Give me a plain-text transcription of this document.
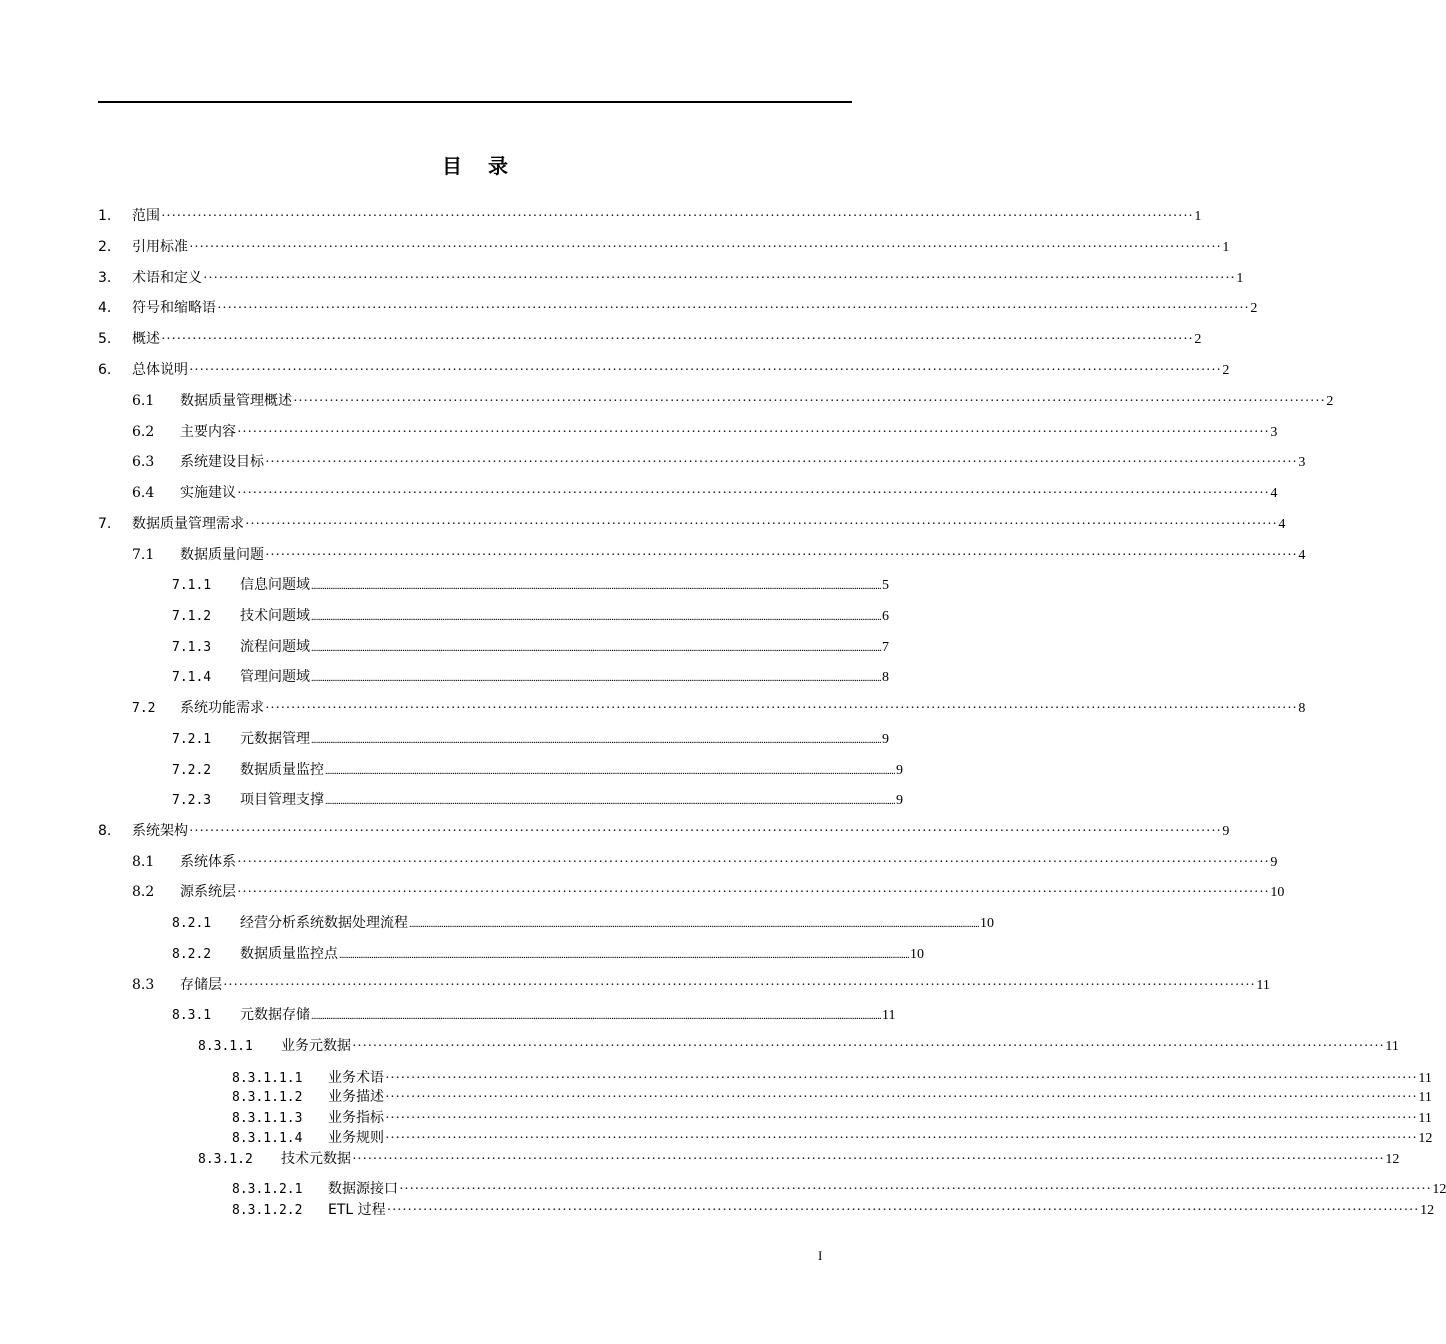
目 录
1.	范围 ········································································································································································································ 1
2.	引用标准 ········································································································································································································ 1
3.	术语和定义 ········································································································································································································ 1
4.	符号和缩略语 ········································································································································································································ 2
5.	概述 ········································································································································································································ 2
6.	总体说明 ········································································································································································································ 2
6.1	数据质量管理概述 ········································································································································································································ 2
6.2	主要内容 ········································································································································································································ 3
6.3	系统建设目标 ········································································································································································································ 3
6.4	实施建议 ········································································································································································································ 4
7.	数据质量管理需求 ········································································································································································································ 4
7.1	数据质量问题 ········································································································································································································ 4
7.1.1	信息问题域 ............................................................................................................................................................................................................................................................................................................ 5
7.1.2	技术问题域 ............................................................................................................................................................................................................................................................................................................ 6
7.1.3	流程问题域 ............................................................................................................................................................................................................................................................................................................ 7
7.1.4	管理问题域 ............................................................................................................................................................................................................................................................................................................ 8
7.2	系统功能需求 ········································································································································································································ 8
7.2.1	元数据管理 ............................................................................................................................................................................................................................................................................................................ 9
7.2.2	数据质量监控 ............................................................................................................................................................................................................................................................................................................ 9
7.2.3	项目管理支撑 ............................................................................................................................................................................................................................................................................................................ 9
8.	系统架构 ········································································································································································································ 9
8.1	系统体系 ········································································································································································································ 9
8.2	源系统层 ········································································································································································································ 10
8.2.1	经营分析系统数据处理流程 ............................................................................................................................................................................................................................................................................................................ 10
8.2.2	数据质量监控点 ............................................................................................................................................................................................................................................................................................................ 10
8.3	存储层 ········································································································································································································ 11
8.3.1	元数据存储 ............................................................................................................................................................................................................................................................................................................ 11
8.3.1.1	业务元数据 ········································································································································································································ 11
8.3.1.1.1	业务术语 ········································································································································································································ 11
8.3.1.1.2	业务描述 ········································································································································································································ 11
8.3.1.1.3	业务指标 ········································································································································································································ 11
8.3.1.1.4	业务规则 ········································································································································································································ 12
8.3.1.2	技术元数据 ········································································································································································································ 12
8.3.1.2.1	数据源接口 ········································································································································································································ 12
8.3.1.2.2	ETL 过程 ········································································································································································································ 12
I
